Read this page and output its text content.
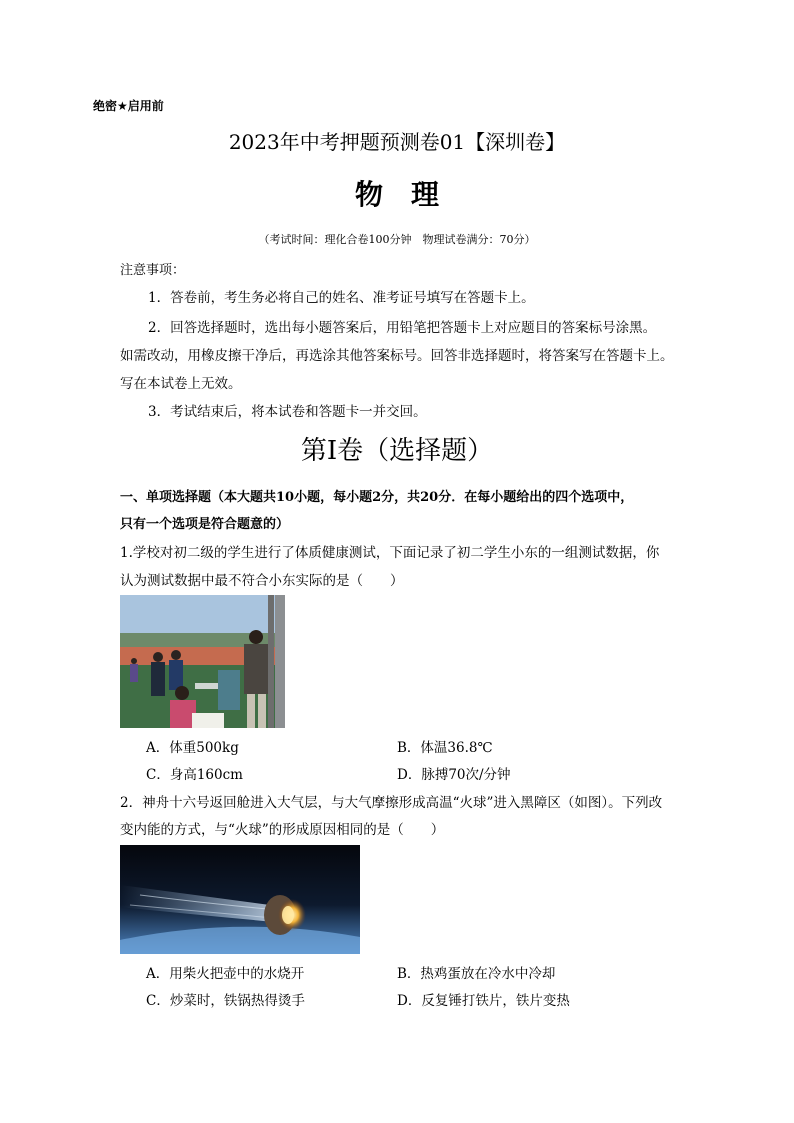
绝密★启用前
2023年中考押题预测卷01【深圳卷】
物理
（考试时间：理化合卷100分钟　物理试卷满分：70分）
注意事项：
1．答卷前，考生务必将自己的姓名、准考证号填写在答题卡上。
2．回答选择题时，选出每小题答案后，用铅笔把答题卡上对应题目的答案标号涂黑。
如需改动，用橡皮擦干净后，再选涂其他答案标号。回答非选择题时，将答案写在答题卡上。
写在本试卷上无效。
3．考试结束后，将本试卷和答题卡一并交回。
第Ⅰ卷（选择题）
一、单项选择题（本大题共10小题，每小题2分，共20分．在每小题给出的四个选项中，
只有一个选项是符合题意的）
1.学校对初二级的学生进行了体质健康测试，下面记录了初二学生小东的一组测试数据，你
认为测试数据中最不符合小东实际的是（　　）
A．体重500kg	B．体温36.8℃
C．身高160cm	D．脉搏70次/分钟
2．神舟十六号返回舱进入大气层，与大气摩擦形成高温“火球”进入黑障区（如图）。下列改
变内能的方式，与“火球”的形成原因相同的是（　　）
A．用柴火把壶中的水烧开	B．热鸡蛋放在冷水中冷却
C．炒菜时，铁锅热得烫手	D．反复锤打铁片，铁片变热
